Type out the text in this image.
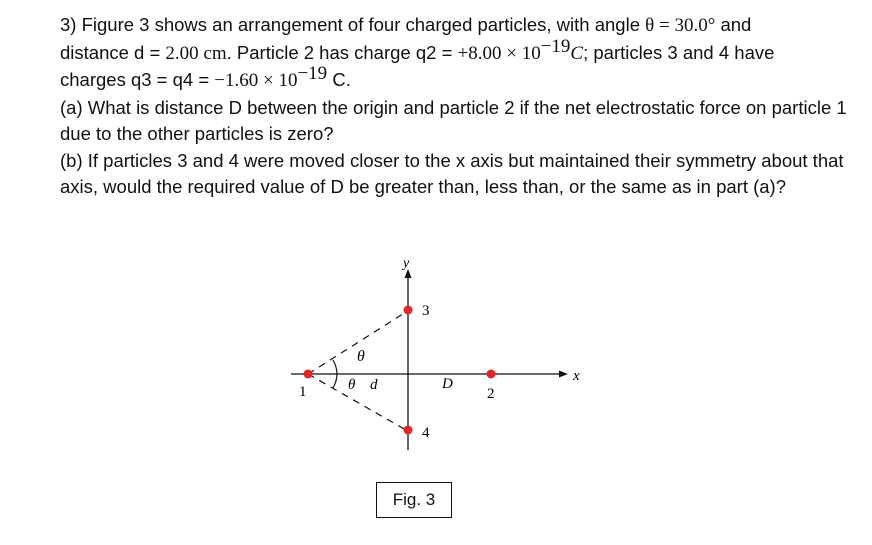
3) Figure 3 shows an arrangement of four charged particles, with angle θ = 30.0° and

distance d = 2.00 cm. Particle 2 has charge $q2 = +8.00 \times 10^{-19}C$; particles 3 and 4 have

charges $q3 = q4 = -1.60 \times 10^{-19}$ C.

(a) What is distance D between the origin and particle 2 if the net electrostatic force on particle 1 due to the other particles is zero?

(b) If particles 3 and 4 were moved closer to the x axis but maintained their symmetry about that axis, would the required value of D be greater than, less than, or the same as in part (a)?

x
y
θ
θ d
1	2
D
3
4
Fig. 3
